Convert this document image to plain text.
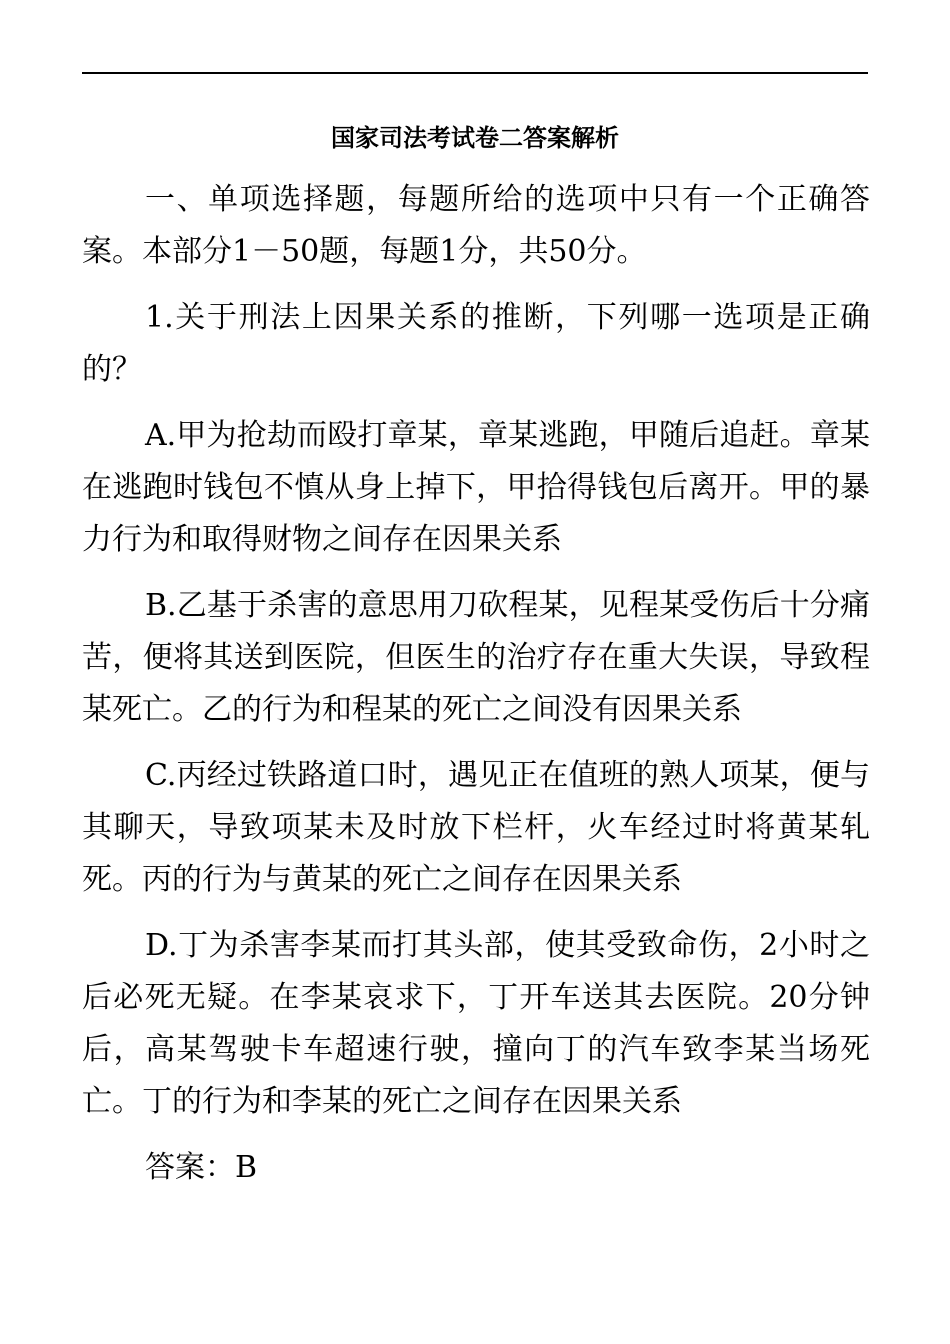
国家司法考试卷二答案解析

一、单项选择题，每题所给的选项中只有一个正确答案。本部分1－50题，每题1分，共50分。

1.关于刑法上因果关系的推断，下列哪一选项是正确的？

A.甲为抢劫而殴打章某，章某逃跑，甲随后追赶。章某在逃跑时钱包不慎从身上掉下，甲拾得钱包后离开。甲的暴力行为和取得财物之间存在因果关系

B.乙基于杀害的意思用刀砍程某，见程某受伤后十分痛苦，便将其送到医院，但医生的治疗存在重大失误，导致程某死亡。乙的行为和程某的死亡之间没有因果关系

C.丙经过铁路道口时，遇见正在值班的熟人项某，便与其聊天，导致项某未及时放下栏杆，火车经过时将黄某轧死。丙的行为与黄某的死亡之间存在因果关系

D.丁为杀害李某而打其头部，使其受致命伤，2小时之后必死无疑。在李某哀求下，丁开车送其去医院。20分钟后，高某驾驶卡车超速行驶，撞向丁的汽车致李某当场死亡。丁的行为和李某的死亡之间存在因果关系

答案：B
